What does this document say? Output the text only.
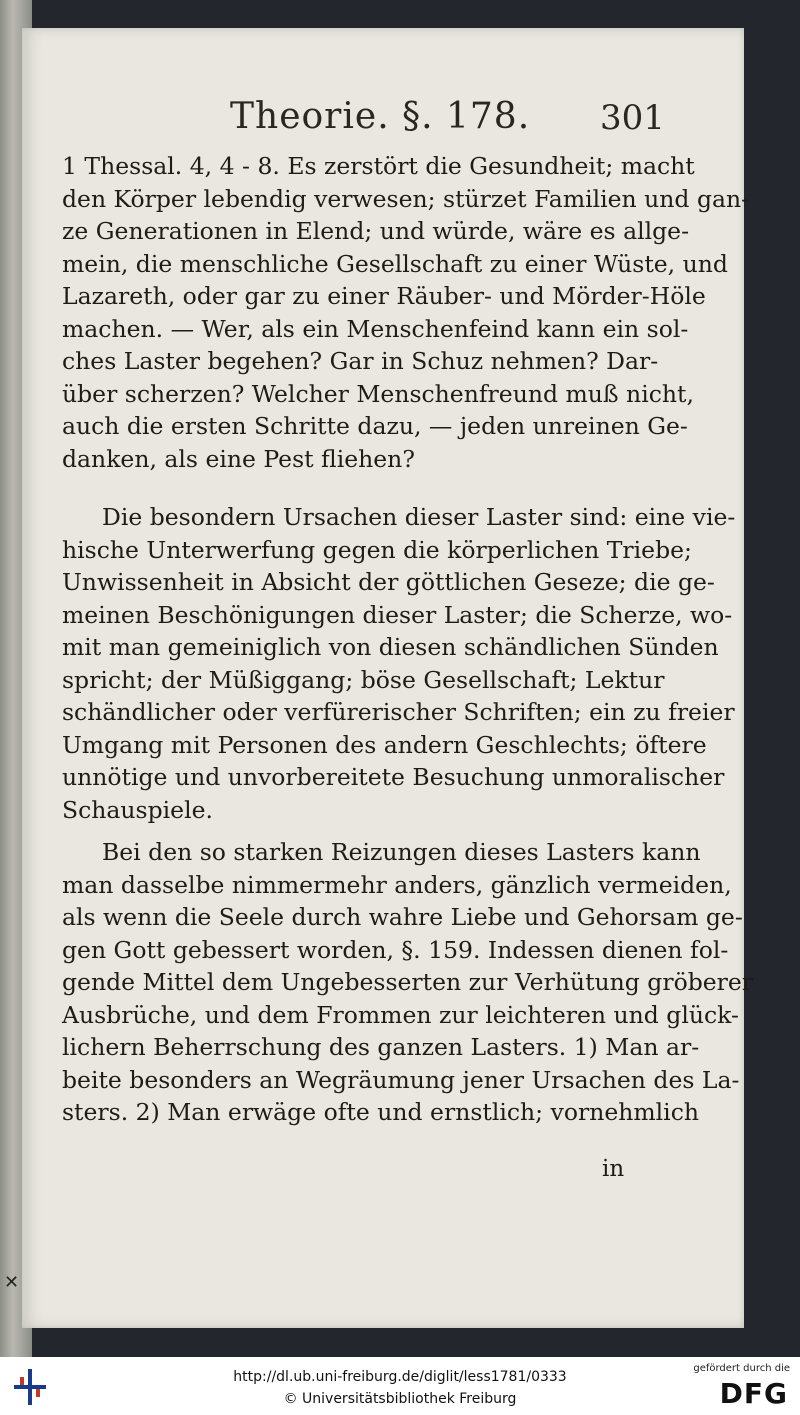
Theorie. §. 178. 301
1 Thessal. 4, 4 - 8. Es zerstört die Gesundheit; macht
den Körper lebendig verwesen; stürzet Familien und gan-
ze Generationen in Elend; und würde, wäre es allge-
mein, die menschliche Gesellschaft zu einer Wüste, und
Lazareth, oder gar zu einer Räuber- und Mörder-Höle
machen. — Wer, als ein Menschenfeind kann ein sol-
ches Laster begehen? Gar in Schuz nehmen? Dar-
über scherzen? Welcher Menschenfreund muß nicht,
auch die ersten Schritte dazu, — jeden unreinen Ge-
danken, als eine Pest fliehen?
Die besondern Ursachen dieser Laster sind: eine vie-
hische Unterwerfung gegen die körperlichen Triebe;
Unwissenheit in Absicht der göttlichen Geseze; die ge-
meinen Beschönigungen dieser Laster; die Scherze, wo-
mit man gemeiniglich von diesen schändlichen Sünden
spricht; der Müßiggang; böse Gesellschaft; Lektur
schändlicher oder verfürerischer Schriften; ein zu freier
Umgang mit Personen des andern Geschlechts; öftere
unnötige und unvorbereitete Besuchung unmoralischer
Schauspiele.
Bei den so starken Reizungen dieses Lasters kann
man dasselbe nimmermehr anders, gänzlich vermeiden,
als wenn die Seele durch wahre Liebe und Gehorsam ge-
gen Gott gebessert worden, §. 159. Indessen dienen fol-
gende Mittel dem Ungebesserten zur Verhütung gröberer
Ausbrüche, und dem Frommen zur leichteren und glück-
lichern Beherrschung des ganzen Lasters. 1) Man ar-
beite besonders an Wegräumung jener Ursachen des La-
sters. 2) Man erwäge ofte und ernstlich; vornehmlich
in
✕
http://dl.ub.uni-freiburg.de/diglit/less1781/0333
© Universitätsbibliothek Freiburg
gefördert durch die
DFG
